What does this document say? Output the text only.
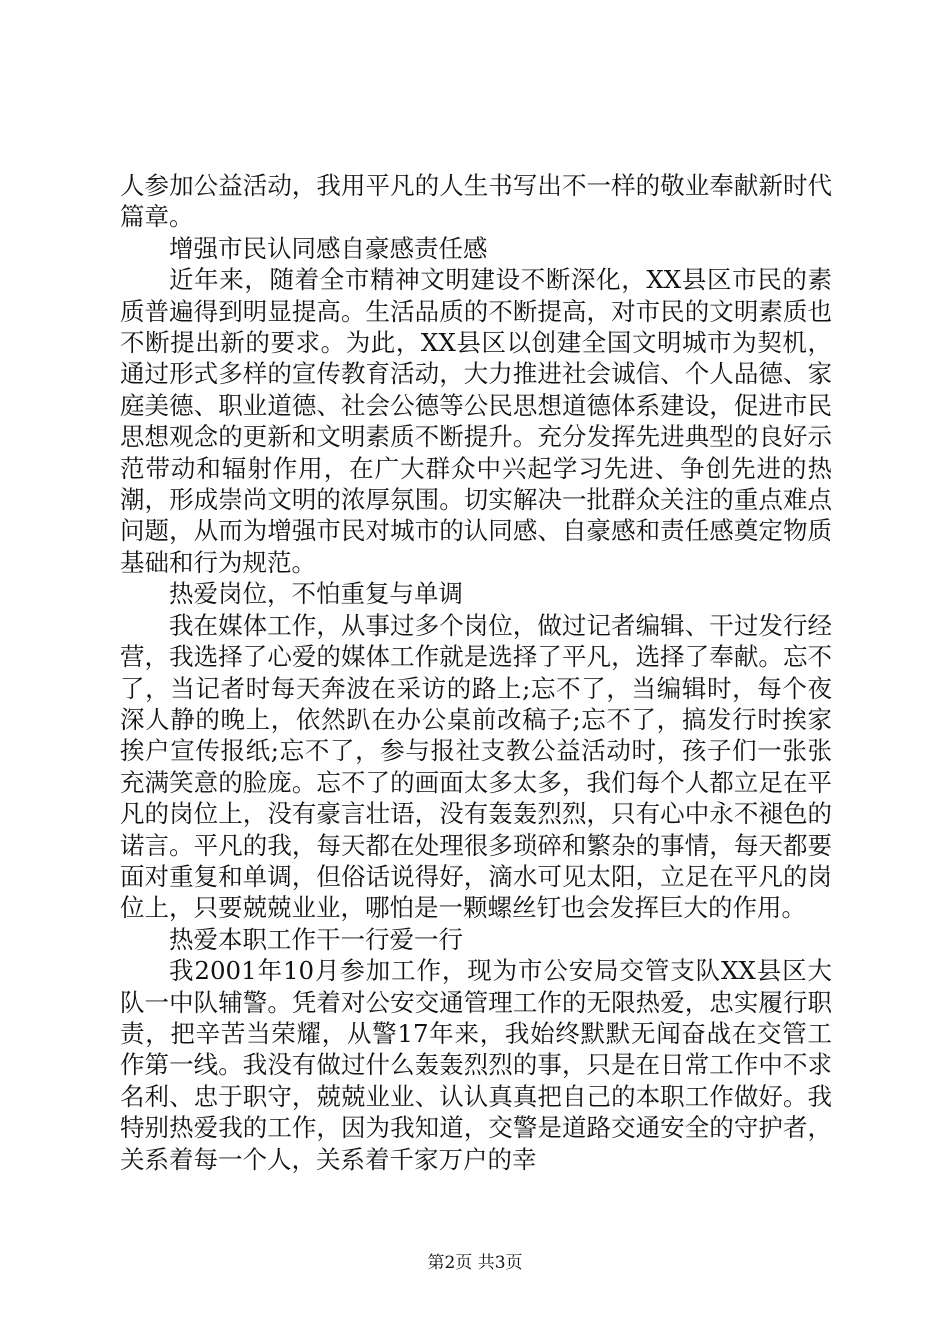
人参加公益活动，我用平凡的人生书写出不一样的敬业奉献新时代篇章。

增强市民认同感自豪感责任感

近年来，随着全市精神文明建设不断深化，XX县区市民的素质普遍得到明显提高。生活品质的不断提高，对市民的文明素质也不断提出新的要求。为此，XX县区以创建全国文明城市为契机，通过形式多样的宣传教育活动，大力推进社会诚信、个人品德、家庭美德、职业道德、社会公德等公民思想道德体系建设，促进市民思想观念的更新和文明素质不断提升。充分发挥先进典型的良好示范带动和辐射作用，在广大群众中兴起学习先进、争创先进的热潮，形成崇尚文明的浓厚氛围。切实解决一批群众关注的重点难点问题，从而为增强市民对城市的认同感、自豪感和责任感奠定物质基础和行为规范。

热爱岗位，不怕重复与单调

我在媒体工作，从事过多个岗位，做过记者编辑、干过发行经营，我选择了心爱的媒体工作就是选择了平凡，选择了奉献。忘不了，当记者时每天奔波在采访的路上;忘不了，当编辑时，每个夜深人静的晚上，依然趴在办公桌前改稿子;忘不了，搞发行时挨家挨户宣传报纸;忘不了，参与报社支教公益活动时，孩子们一张张充满笑意的脸庞。忘不了的画面太多太多，我们每个人都立足在平凡的岗位上，没有豪言壮语，没有轰轰烈烈，只有心中永不褪色的诺言。平凡的我，每天都在处理很多琐碎和繁杂的事情，每天都要面对重复和单调，但俗话说得好，滴水可见太阳，立足在平凡的岗位上，只要兢兢业业，哪怕是一颗螺丝钉也会发挥巨大的作用。

热爱本职工作干一行爱一行

我2001年10月参加工作，现为市公安局交管支队XX县区大队一中队辅警。凭着对公安交通管理工作的无限热爱，忠实履行职责，把辛苦当荣耀，从警17年来，我始终默默无闻奋战在交管工作第一线。我没有做过什么轰轰烈烈的事，只是在日常工作中不求名利、忠于职守，兢兢业业、认认真真把自己的本职工作做好。我特别热爱我的工作，因为我知道，交警是道路交通安全的守护者，关系着每一个人，关系着千家万户的幸

第2页 共3页
